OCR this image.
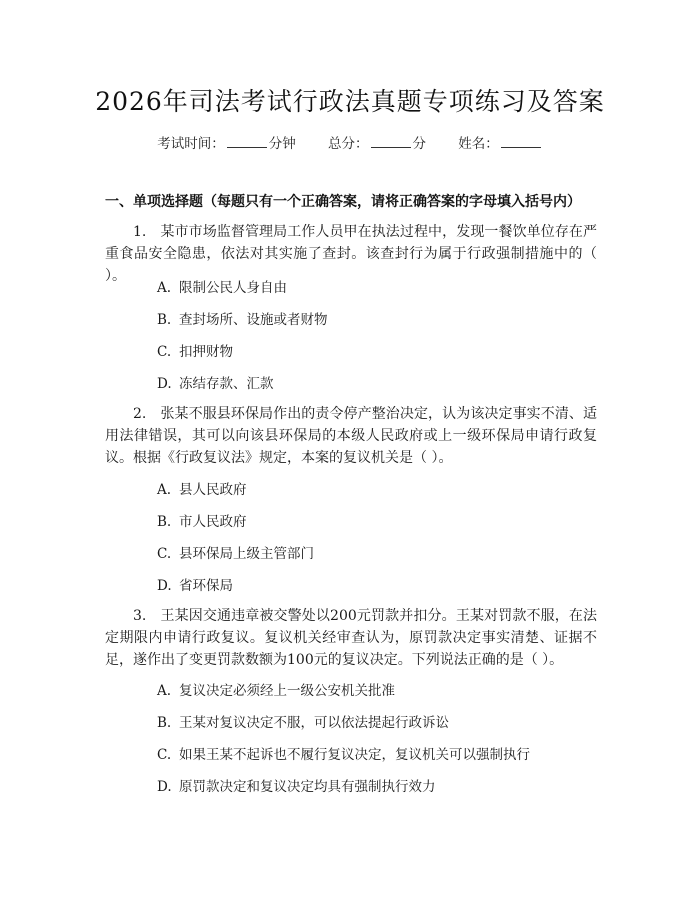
2026年司法考试行政法真题专项练习及答案
考试时间：	分钟 总分：	分 姓名：
一、单项选择题（每题只有一个正确答案，请将正确答案的字母填入括号内）
1. 某市市场监督管理局工作人员甲在执法过程中，发现一餐饮单位存在严重食品安全隐患，依法对其实施了查封。该查封行为属于行政强制措施中的（ ）。
A. 限制公民人身自由
B. 查封场所、设施或者财物
C. 扣押财物
D. 冻结存款、汇款
2. 张某不服县环保局作出的责令停产整治决定，认为该决定事实不清、适用法律错误，其可以向该县环保局的本级人民政府或上一级环保局申请行政复议。根据《行政复议法》规定，本案的复议机关是（ ）。
A. 县人民政府
B. 市人民政府
C. 县环保局上级主管部门
D. 省环保局
3. 王某因交通违章被交警处以200元罚款并扣分。王某对罚款不服，在法定期限内申请行政复议。复议机关经审查认为，原罚款决定事实清楚、证据不足，遂作出了变更罚款数额为100元的复议决定。下列说法正确的是（ ）。
A. 复议决定必须经上一级公安机关批准
B. 王某对复议决定不服，可以依法提起行政诉讼
C. 如果王某不起诉也不履行复议决定，复议机关可以强制执行
D. 原罚款决定和复议决定均具有强制执行效力
